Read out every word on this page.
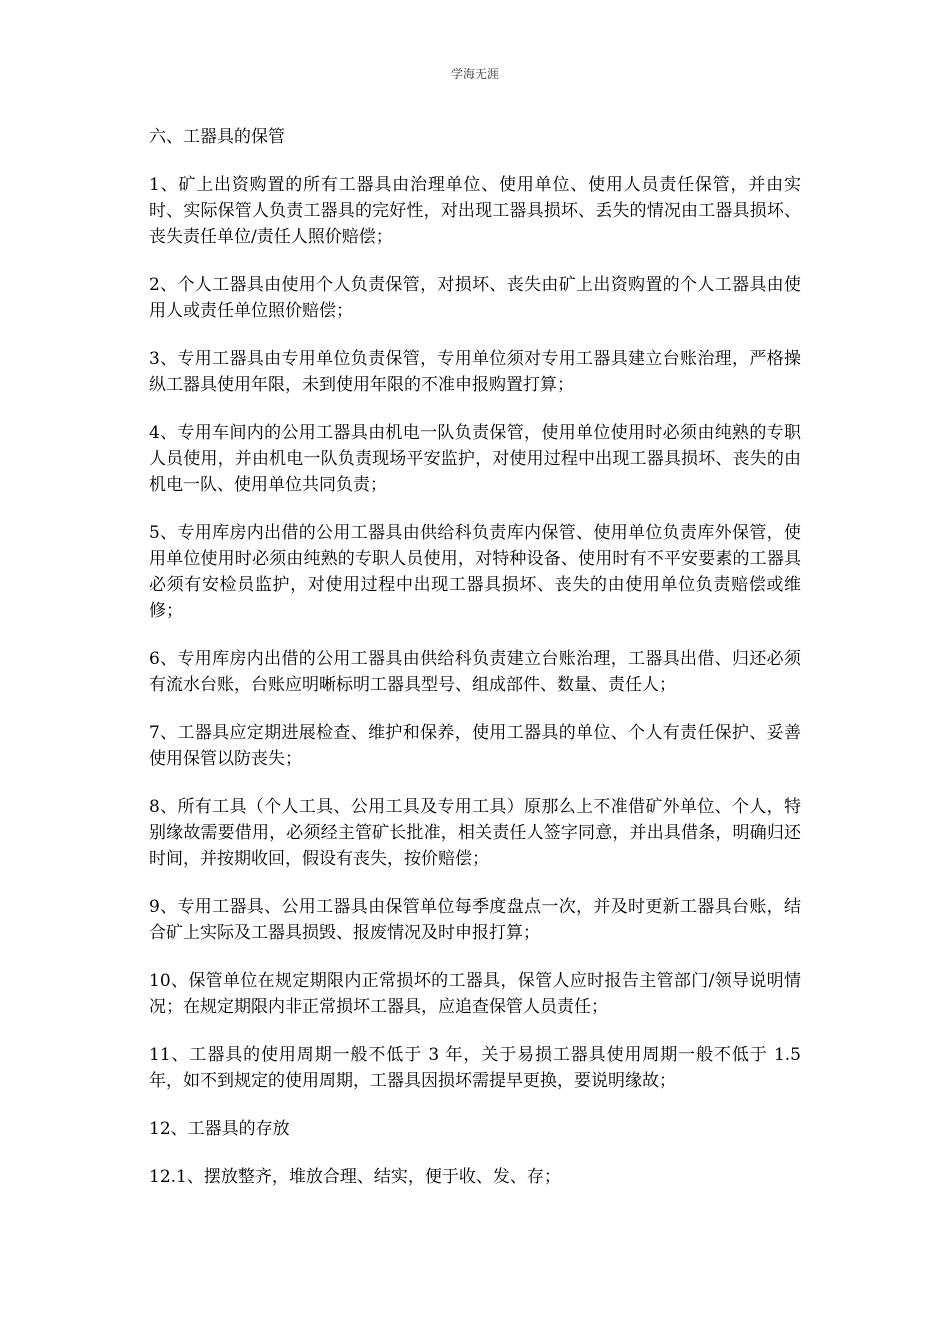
学海无涯

六、工器具的保管

1、矿上出资购置的所有工器具由治理单位、使用单位、使用人员责任保管，并由实时、实际保管人负责工器具的完好性，对出现工器具损坏、丢失的情况由工器具损坏、丧失责任单位/责任人照价赔偿；

2、个人工器具由使用个人负责保管，对损坏、丧失由矿上出资购置的个人工器具由使用人或责任单位照价赔偿；

3、专用工器具由专用单位负责保管，专用单位须对专用工器具建立台账治理，严格操纵工器具使用年限，未到使用年限的不准申报购置打算；

4、专用车间内的公用工器具由机电一队负责保管，使用单位使用时必须由纯熟的专职人员使用，并由机电一队负责现场平安监护，对使用过程中出现工器具损坏、丧失的由机电一队、使用单位共同负责；

5、专用库房内出借的公用工器具由供给科负责库内保管、使用单位负责库外保管，使用单位使用时必须由纯熟的专职人员使用，对特种设备、使用时有不平安要素的工器具必须有安检员监护，对使用过程中出现工器具损坏、丧失的由使用单位负责赔偿或维修；

6、专用库房内出借的公用工器具由供给科负责建立台账治理，工器具出借、归还必须有流水台账，台账应明晰标明工器具型号、组成部件、数量、责任人；

7、工器具应定期进展检查、维护和保养，使用工器具的单位、个人有责任保护、妥善使用保管以防丧失；

8、所有工具（个人工具、公用工具及专用工具）原那么上不准借矿外单位、个人，特别缘故需要借用，必须经主管矿长批准，相关责任人签字同意，并出具借条，明确归还时间，并按期收回，假设有丧失，按价赔偿；

9、专用工器具、公用工器具由保管单位每季度盘点一次，并及时更新工器具台账，结合矿上实际及工器具损毁、报废情况及时申报打算；

10、保管单位在规定期限内正常损坏的工器具，保管人应时报告主管部门/领导说明情况；在规定期限内非正常损坏工器具，应追查保管人员责任；

11、工器具的使用周期一般不低于 3 年，关于易损工器具使用周期一般不低于 1.5 年，如不到规定的使用周期，工器具因损坏需提早更换，要说明缘故；

12、工器具的存放

12.1、摆放整齐，堆放合理、结实，便于收、发、存；
